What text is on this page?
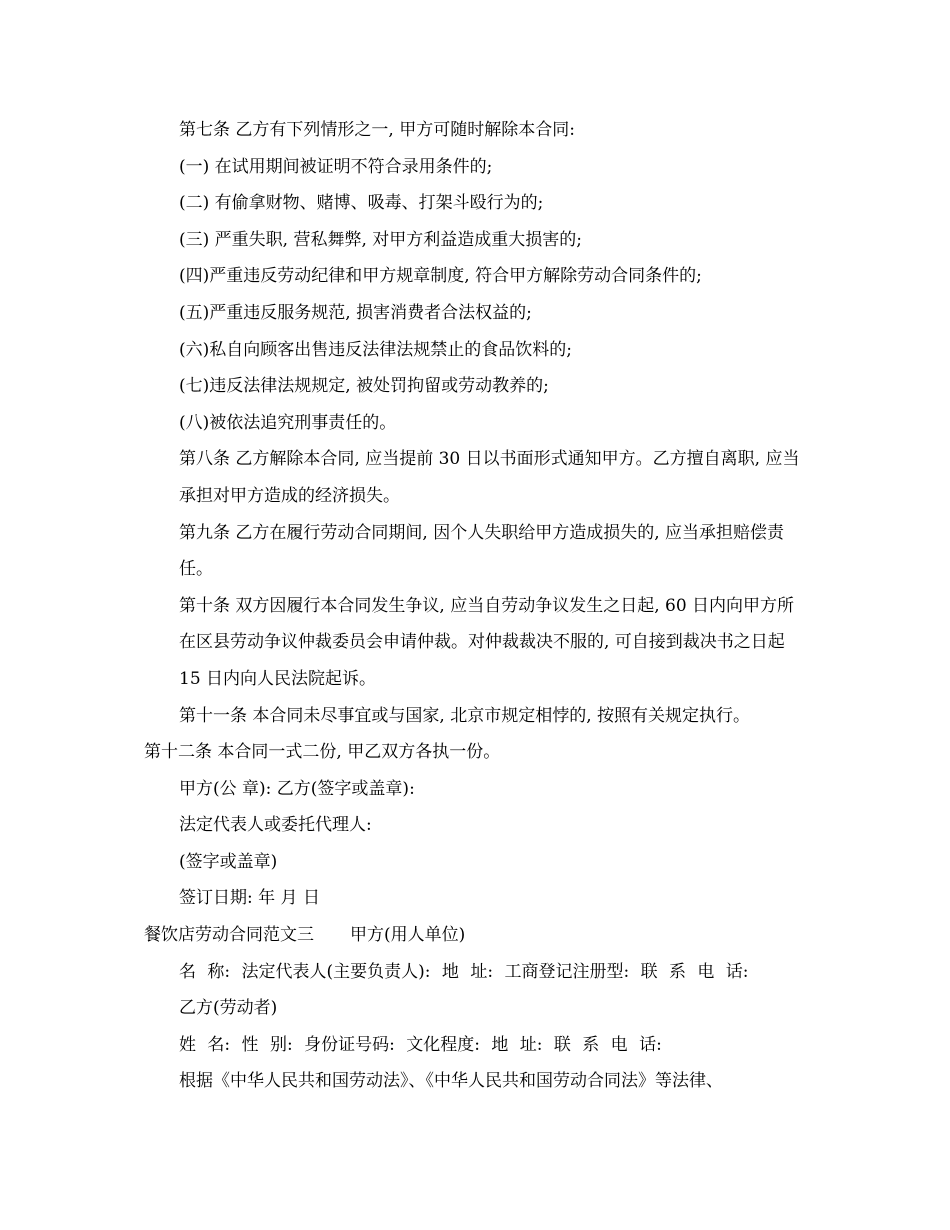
第七条 乙方有下列情形之一, 甲方可随时解除本合同:

(一) 在试用期间被证明不符合录用条件的;

(二) 有偷拿财物、赌博、吸毒、打架斗殴行为的;

(三) 严重失职, 营私舞弊, 对甲方利益造成重大损害的;

(四)严重违反劳动纪律和甲方规章制度, 符合甲方解除劳动合同条件的;

(五)严重违反服务规范, 损害消费者合法权益的;

(六)私自向顾客出售违反法律法规禁止的食品饮料的;

(七)违反法律法规规定, 被处罚拘留或劳动教养的;

(八)被依法追究刑事责任的。

第八条 乙方解除本合同, 应当提前 30 日以书面形式通知甲方。乙方擅自离职, 应当承担对甲方造成的经济损失。

第九条 乙方在履行劳动合同期间, 因个人失职给甲方造成损失的, 应当承担赔偿责任。

第十条 双方因履行本合同发生争议, 应当自劳动争议发生之日起, 60 日内向甲方所在区县劳动争议仲裁委员会申请仲裁。对仲裁裁决不服的, 可自接到裁决书之日起 15 日内向人民法院起诉。

第十一条 本合同未尽事宜或与国家, 北京市规定相悖的, 按照有关规定执行。

第十二条 本合同一式二份, 甲乙双方各执一份。

甲方(公 章): 乙方(签字或盖章):

法定代表人或委托代理人:

(签字或盖章)

签订日期: 年 月 日

餐饮店劳动合同范文三 甲方(用人单位)

名 称: 法定代表人(主要负责人): 地 址: 工商登记注册型: 联 系 电 话:

乙方(劳动者)

姓 名: 性 别: 身份证号码: 文化程度: 地 址: 联 系 电 话:

根据《中华人民共和国劳动法》、《中华人民共和国劳动合同法》等法律、
